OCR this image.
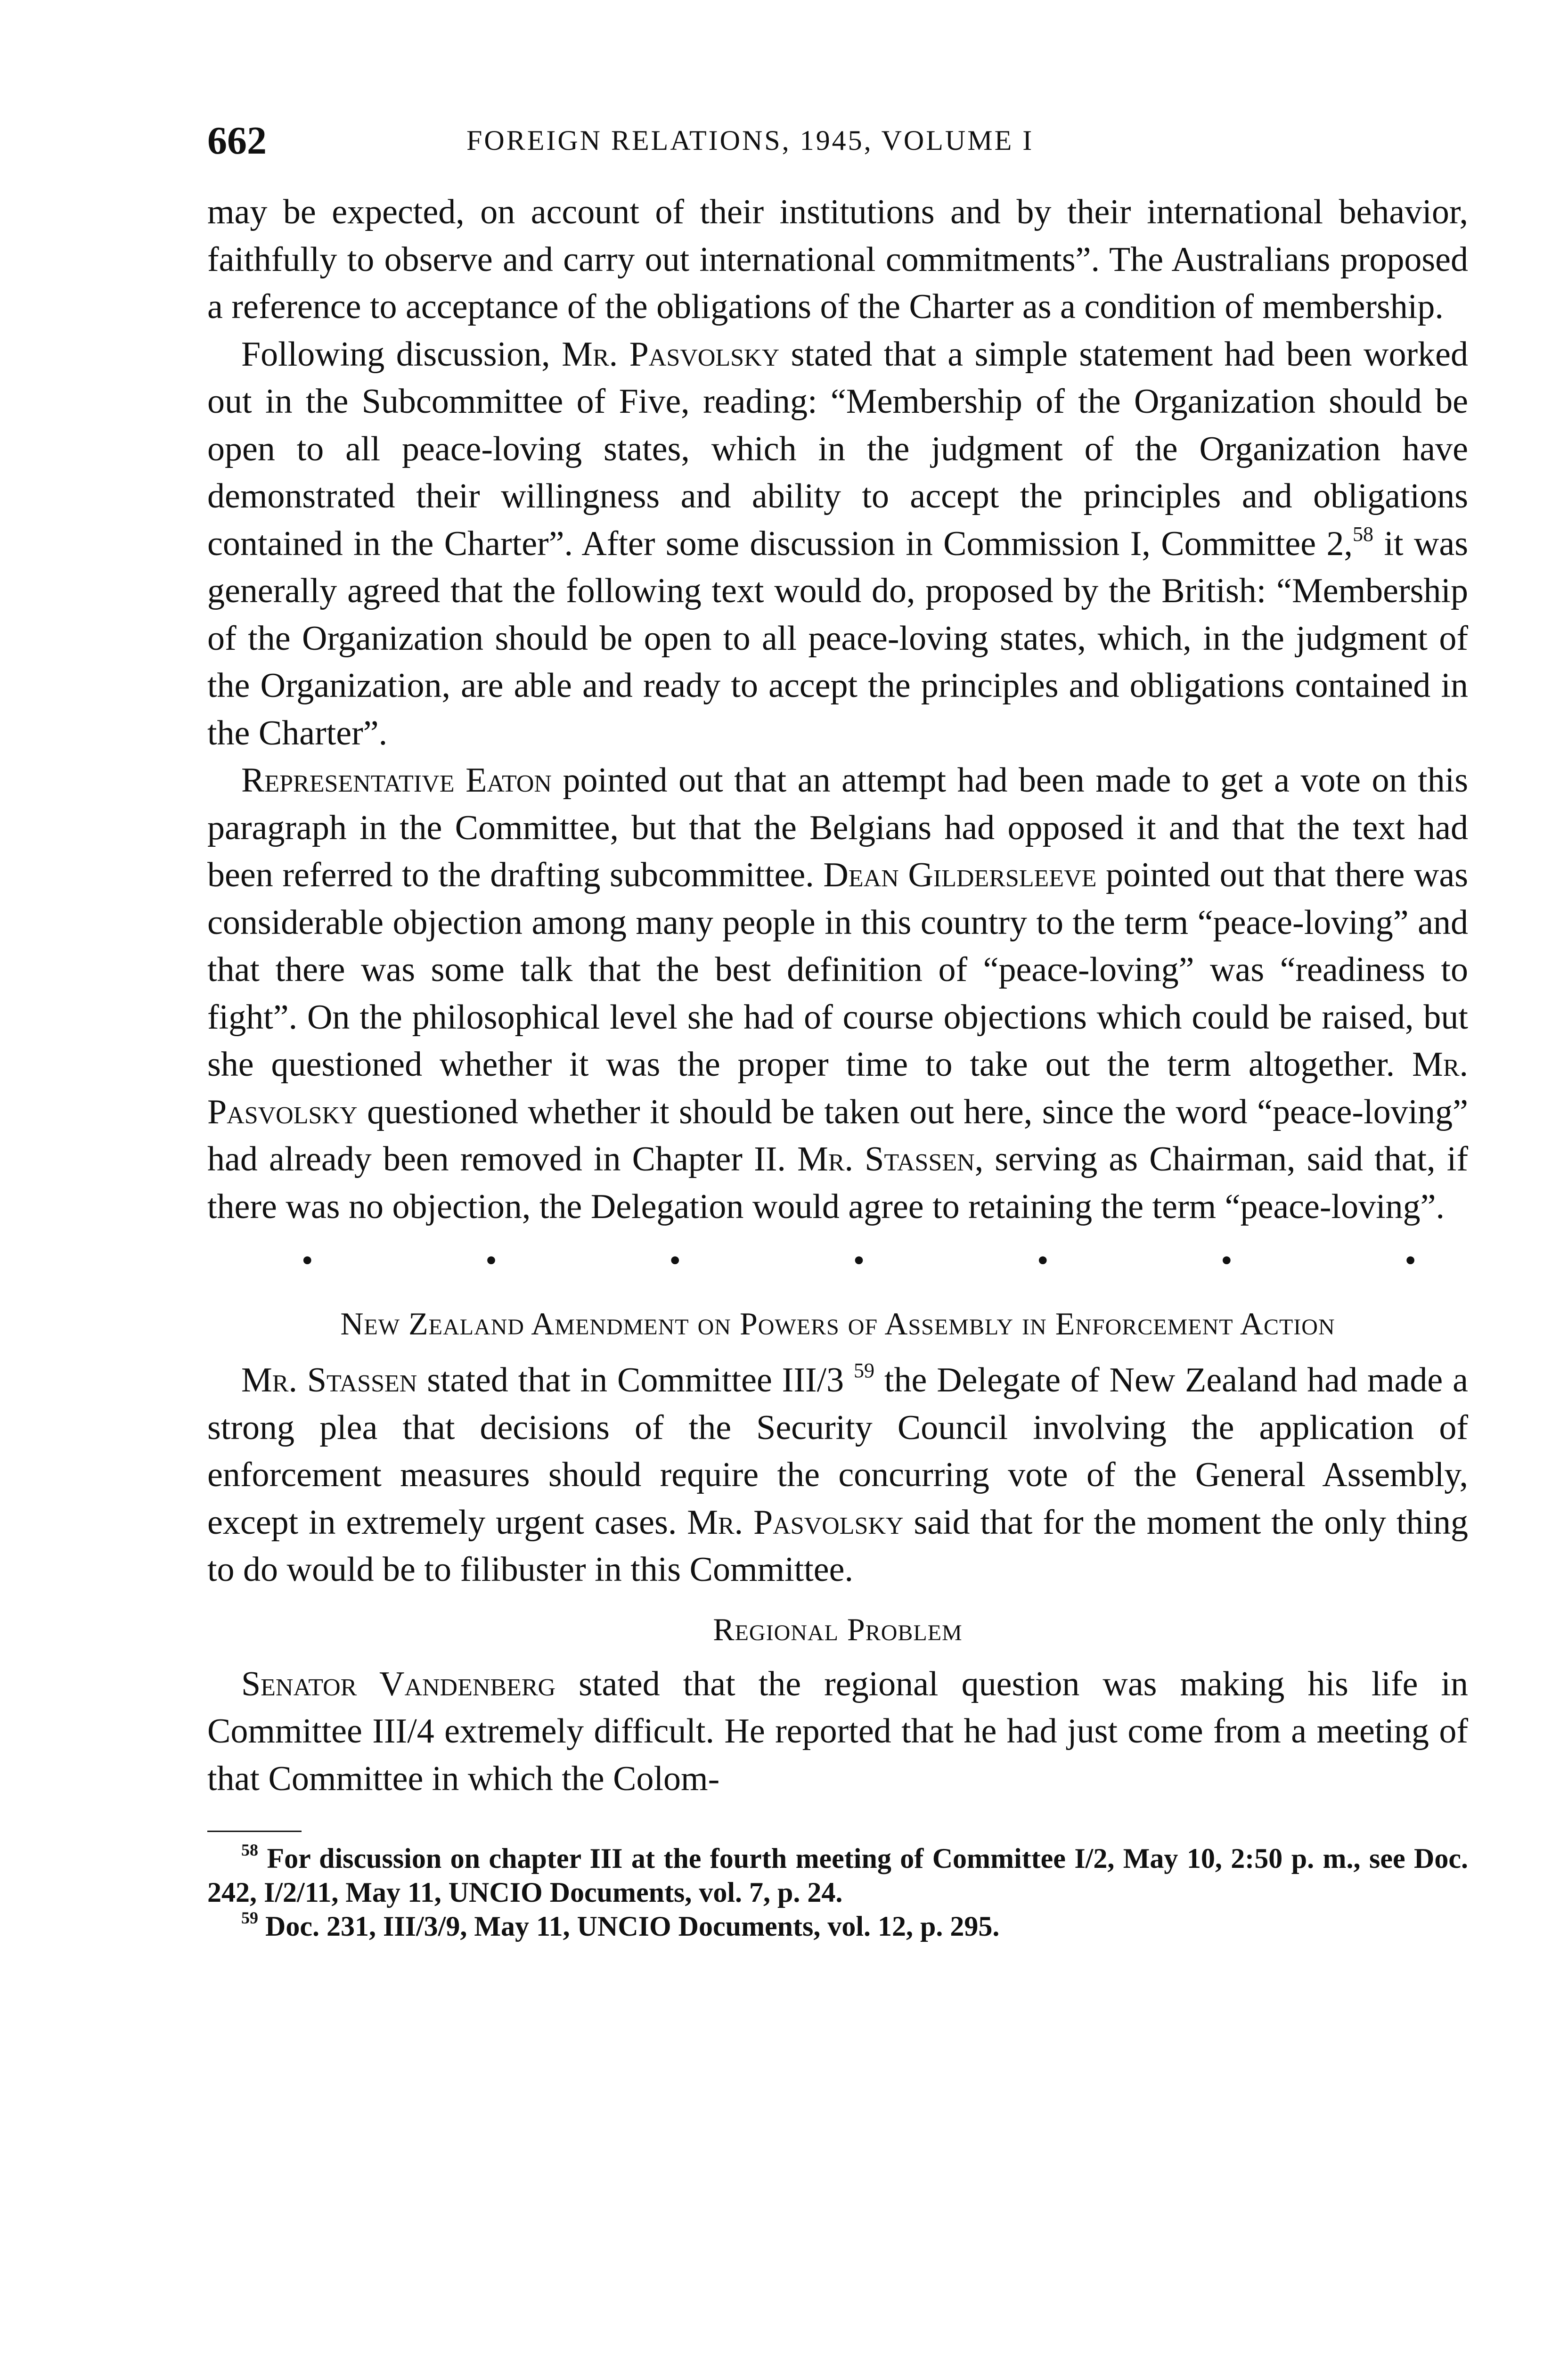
662	FOREIGN RELATIONS, 1945, VOLUME I

may be expected, on account of their institutions and by their international behavior, faithfully to observe and carry out international commitments”. The Australians proposed a reference to acceptance of the obligations of the Charter as a condition of membership.

Following discussion, Mr. Pasvolsky stated that a simple statement had been worked out in the Subcommittee of Five, reading: “Membership of the Organization should be open to all peace-loving states, which in the judgment of the Organization have demonstrated their willingness and ability to accept the principles and obligations contained in the Charter”. After some discussion in Commission I, Committee 2,58 it was generally agreed that the following text would do, proposed by the British: “Membership of the Organization should be open to all peace-loving states, which, in the judgment of the Organization, are able and ready to accept the principles and obligations contained in the Charter”.

Representative Eaton pointed out that an attempt had been made to get a vote on this paragraph in the Committee, but that the Belgians had opposed it and that the text had been referred to the drafting subcommittee. Dean Gildersleeve pointed out that there was considerable objection among many people in this country to the term “peace-loving” and that there was some talk that the best definition of “peace-loving” was “readiness to fight”. On the philosophical level she had of course objections which could be raised, but she questioned whether it was the proper time to take out the term altogether. Mr. Pasvolsky questioned whether it should be taken out here, since the word “peace-loving” had already been removed in Chapter II. Mr. Stassen, serving as Chairman, said that, if there was no objection, the Delegation would agree to retaining the term “peace-loving”.

•	•	•	•	•	•	•
New Zealand Amendment on Powers of Assembly in Enforcement Action

Mr. Stassen stated that in Committee III/3 $^{59}$ the Delegate of New Zealand had made a strong plea that decisions of the Security Council involving the application of enforcement measures should require the concurring vote of the General Assembly, except in extremely urgent cases. Mr. Pasvolsky said that for the moment the only thing to do would be to filibuster in this Committee.

Regional Problem

Senator Vandenberg stated that the regional question was making his life in Committee III/4 extremely difficult. He reported that he had just come from a meeting of that Committee in which the Colom-

$^{58}$ For discussion on chapter III at the fourth meeting of Committee I/2, May 10, 2:50 p. m., see Doc. 242, I/2/11, May 11, UNCIO Documents, vol. 7, p. 24.

$^{59}$ Doc. 231, III/3/9, May 11, UNCIO Documents, vol. 12, p. 295.
